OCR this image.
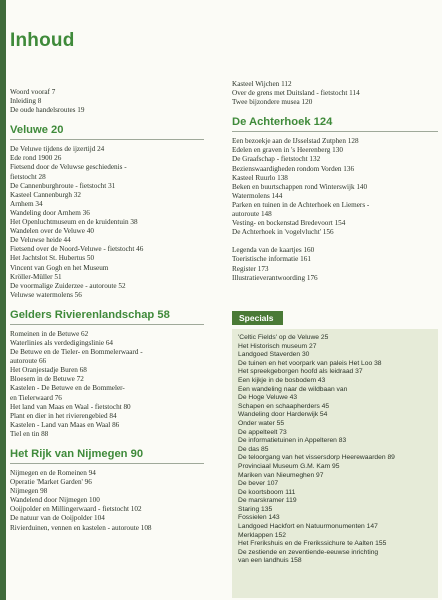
Inhoud
Woord vooraf 7
Inleiding 8
De oude handelsroutes 19
Veluwe 20
De Veluwe tijdens de ijzertijd 24
Ede rond 1900 26
Fietsend door de Veluwse geschiedenis -
fietstocht 28
De Cannenburghroute - fietstocht 31
Kasteel Cannenburgh 32
Arnhem 34
Wandeling door Arnhem 36
Het Openluchtmuseum en de kruidentuin 38
Wandelen over de Veluwe 40
De Veluwse heide 44
Fietsend over de Noord-Veluwe - fietstocht 46
Het Jachtslot St. Hubertus 50
Vincent van Gogh en het Museum
Kröller-Müller 51
De voormalige Zuiderzee - autoroute 52
Veluwse watermolens 56
Gelders Rivierenlandschap 58
Romeinen in de Betuwe 62
Waterlinies als verdedigingslinie 64
De Betuwe en de Tieler- en Bommelerwaard -
autoroute 66
Het Oranjestadje Buren 68
Bloesem in de Betuwe 72
Kastelen - De Betuwe en de Bommeler-
en Tielerwaard 76
Het land van Maas en Waal - fietstocht 80
Plant en dier in het rivierengebied 84
Kastelen - Land van Maas en Waal 86
Tiel en tin 88
Het Rijk van Nijmegen 90
Nijmegen en de Romeinen 94
Operatie 'Market Garden' 96
Nijmegen 98
Wandelend door Nijmegen 100
Ooijpolder en Millingerwaard - fietstocht 102
De natuur van de Ooijpolder 104
Rivierduinen, vennen en kastelen - autoroute 108
Kasteel Wijchen 112
Over de grens met Duitsland - fietstocht 114
Twee bijzondere musea 120
De Achterhoek 124
Een bezoekje aan de IJsselstad Zutphen 128
Edelen en graven in 's Heerenberg 130
De Graafschap - fietstocht 132
Bezienswaardigheden rondom Vorden 136
Kasteel Ruurlo 138
Beken en buurtschappen rond Winterswijk 140
Watermolens 144
Parken en tuinen in de Achterhoek en Liemers -
autoroute 148
Vesting- en bockenstad Bredevoort 154
De Achterhoek in 'vogelvlucht' 156
Legenda van de kaartjes 160
Toeristische informatie 161
Register 173
Illustratieverantwoording 176
Specials
'Celtic Fields' op de Veluwe 25
Het Historisch museum 27
Landgoed Staverden 30
De tuinen en het voorpark van paleis Het Loo 38
Het spreekgeborgen hoofd als leidraad 37
Een kijkje in de bosbodem 43
Een wandeling naar de wildbaan van
De Hoge Veluwe 43
Schapen en schaapherders 45
Wandeling door Harderwijk 54
Onder water 55
De appelteelt 73
De informatietuinen in Appelteren 83
De das 85
De teloorgang van het vissersdorp Heerewaarden 89
Provinciaal Museum G.M. Kam 95
Mariken van Nieumeghen 97
De bever 107
De koortsboom 111
De marskramer 119
Staring 135
Fossielen 143
Landgoed Hackfort en Natuurmonumenten 147
Merklappen 152
Het Frerikshuis en de Frerikssichure te Aalten 155
De zestiende en zeventiende-eeuwse inrichting
van een landhuis 158
